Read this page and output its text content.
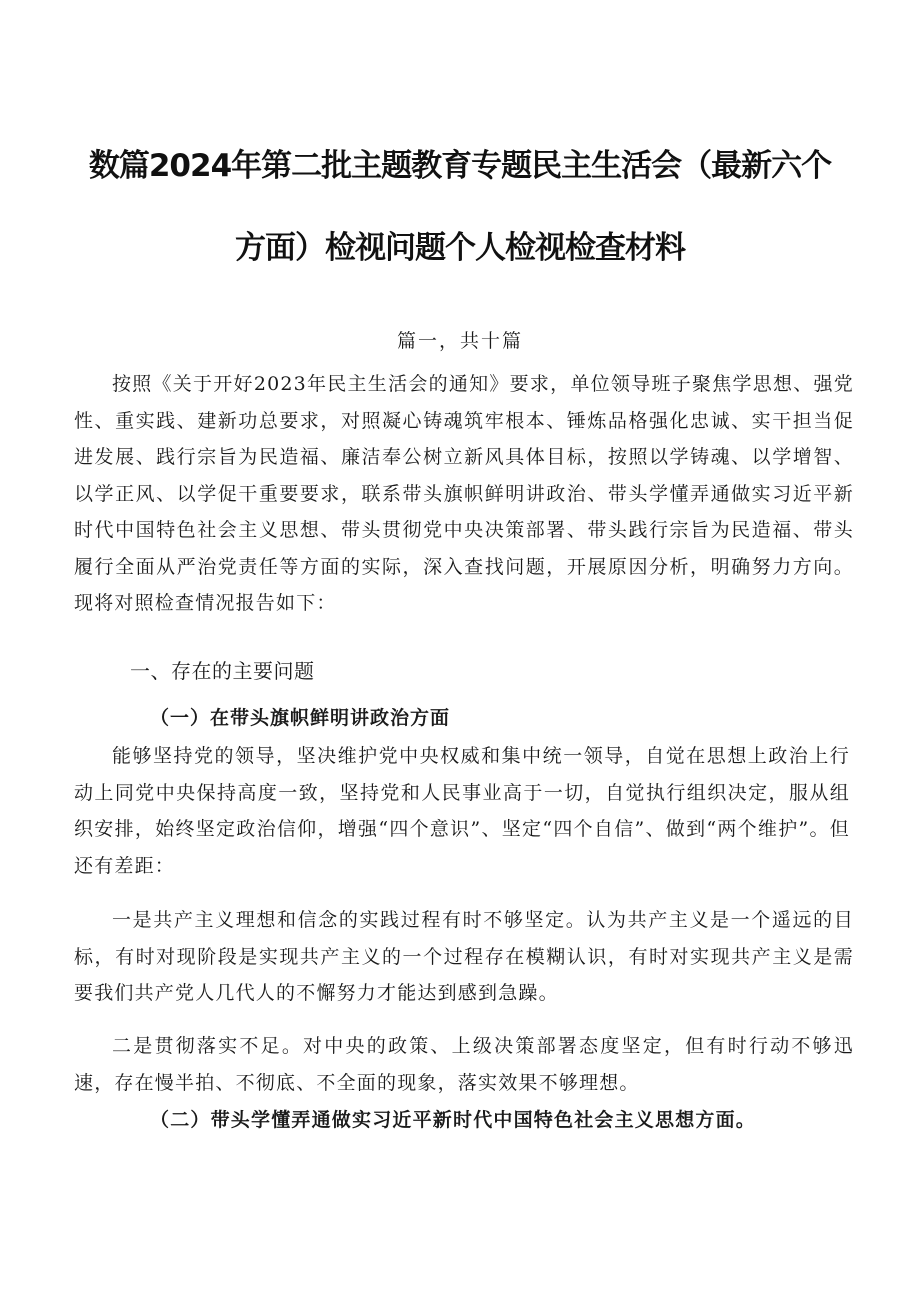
数篇2024年第二批主题教育专题民主生活会（最新六个
方面）检视问题个人检视检查材料

篇一，共十篇

按照《关于开好2023年民主生活会的通知》要求，单位领导班子聚焦学思想、强党性、重实践、建新功总要求，对照凝心铸魂筑牢根本、锤炼品格强化忠诚、实干担当促进发展、践行宗旨为民造福、廉洁奉公树立新风具体目标，按照以学铸魂、以学增智、以学正风、以学促干重要要求，联系带头旗帜鲜明讲政治、带头学懂弄通做实习近平新时代中国特色社会主义思想、带头贯彻党中央决策部署、带头践行宗旨为民造福、带头履行全面从严治党责任等方面的实际，深入查找问题，开展原因分析，明确努力方向。现将对照检查情况报告如下：

一、存在的主要问题
（一）在带头旗帜鲜明讲政治方面

能够坚持党的领导，坚决维护党中央权威和集中统一领导，自觉在思想上政治上行动上同党中央保持高度一致，坚持党和人民事业高于一切，自觉执行组织决定，服从组织安排，始终坚定政治信仰，增强“四个意识”、坚定“四个自信”、做到“两个维护”。但还有差距：

一是共产主义理想和信念的实践过程有时不够坚定。认为共产主义是一个遥远的目标，有时对现阶段是实现共产主义的一个过程存在模糊认识，有时对实现共产主义是需要我们共产党人几代人的不懈努力才能达到感到急躁。

二是贯彻落实不足。对中央的政策、上级决策部署态度坚定，但有时行动不够迅速，存在慢半拍、不彻底、不全面的现象，落实效果不够理想。

（二）带头学懂弄通做实习近平新时代中国特色社会主义思想方面。
